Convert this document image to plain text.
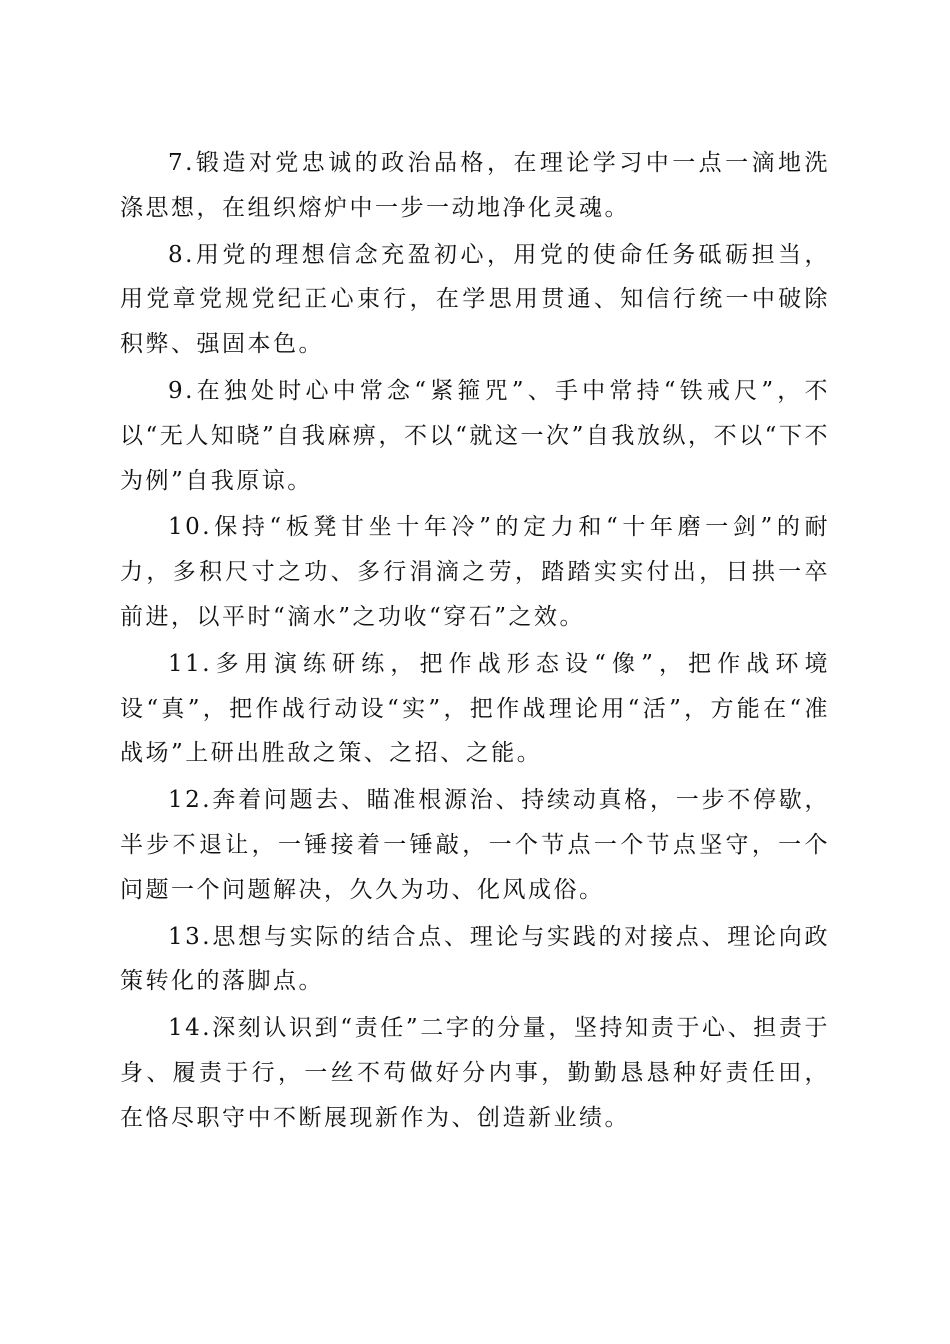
7.锻造对党忠诚的政治品格，在理论学习中一点一滴地洗涤思想，在组织熔炉中一步一动地净化灵魂。

8.用党的理想信念充盈初心，用党的使命任务砥砺担当，用党章党规党纪正心束行，在学思用贯通、知信行统一中破除积弊、强固本色。

9.在独处时心中常念“紧箍咒”、手中常持“铁戒尺”，不以“无人知晓”自我麻痹，不以“就这一次”自我放纵，不以“下不为例”自我原谅。

10.保持“板凳甘坐十年冷”的定力和“十年磨一剑”的耐力，多积尺寸之功、多行涓滴之劳，踏踏实实付出，日拱一卒前进，以平时“滴水”之功收“穿石”之效。

11.多用演练研练，把作战形态设“像”，把作战环境设“真”，把作战行动设“实”，把作战理论用“活”，方能在“准战场”上研出胜敌之策、之招、之能。

12.奔着问题去、瞄准根源治、持续动真格，一步不停歇，半步不退让，一锤接着一锤敲，一个节点一个节点坚守，一个问题一个问题解决，久久为功、化风成俗。

13.思想与实际的结合点、理论与实践的对接点、理论向政策转化的落脚点。

14.深刻认识到“责任”二字的分量，坚持知责于心、担责于身、履责于行，一丝不苟做好分内事，勤勤恳恳种好责任田，在恪尽职守中不断展现新作为、创造新业绩。
